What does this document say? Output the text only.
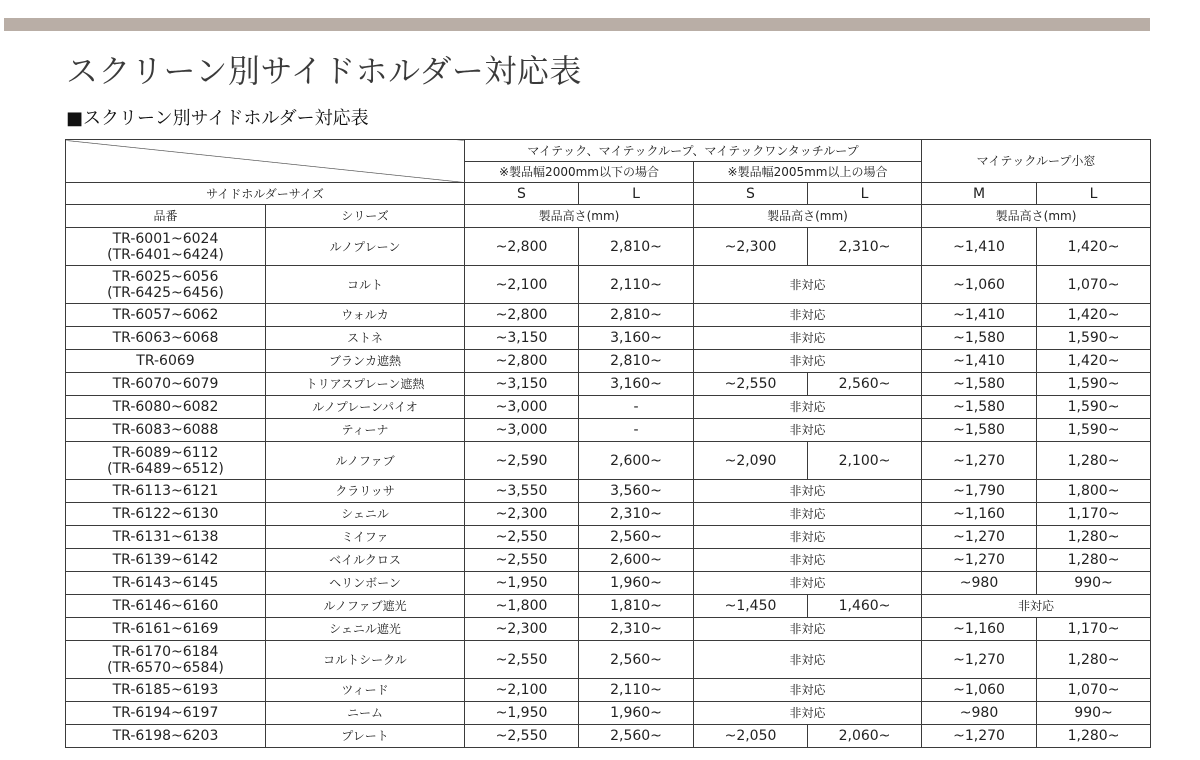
スクリーン別サイドホルダー対応表
■スクリーン別サイドホルダー対応表
		マイテック、マイテックループ、マイテックワンタッチループ				マイテックループ小窓	
		※製品幅2000mm以下の場合		※製品幅2005mm以上の場合			
サイドホルダーサイズ		S	L	S	L	M	L
品番	シリーズ	製品高さ(mm)		製品高さ(mm)		製品高さ(mm)	
TR-6001~6024
(TR-6401~6424)	ルノプレーン	~2,800	2,810~	~2,300	2,310~	~1,410	1,420~
TR-6025~6056
(TR-6425~6456)	コルト	~2,100	2,110~	非対応		~1,060	1,070~
TR-6057~6062	ウォルカ	~2,800	2,810~	非対応		~1,410	1,420~
TR-6063~6068	ストネ	~3,150	3,160~	非対応		~1,580	1,590~
TR-6069	ブランカ遮熱	~2,800	2,810~	非対応		~1,410	1,420~
TR-6070~6079	トリアスプレーン遮熱	~3,150	3,160~	~2,550	2,560~	~1,580	1,590~
TR-6080~6082	ルノプレーンパイオ	~3,000	-	非対応		~1,580	1,590~
TR-6083~6088	ティーナ	~3,000	-	非対応		~1,580	1,590~
TR-6089~6112
(TR-6489~6512)	ルノファブ	~2,590	2,600~	~2,090	2,100~	~1,270	1,280~
TR-6113~6121	クラリッサ	~3,550	3,560~	非対応		~1,790	1,800~
TR-6122~6130	シェニル	~2,300	2,310~	非対応		~1,160	1,170~
TR-6131~6138	ミイファ	~2,550	2,560~	非対応		~1,270	1,280~
TR-6139~6142	ベイルクロス	~2,550	2,600~	非対応		~1,270	1,280~
TR-6143~6145	ヘリンボーン	~1,950	1,960~	非対応		~980	990~
TR-6146~6160	ルノファブ遮光	~1,800	1,810~	~1,450	1,460~	非対応	
TR-6161~6169	シェニル遮光	~2,300	2,310~	非対応		~1,160	1,170~
TR-6170~6184
(TR-6570~6584)	コルトシークル	~2,550	2,560~	非対応		~1,270	1,280~
TR-6185~6193	ツィード	~2,100	2,110~	非対応		~1,060	1,070~
TR-6194~6197	ニーム	~1,950	1,960~	非対応		~980	990~
TR-6198~6203	プレート	~2,550	2,560~	~2,050	2,060~	~1,270	1,280~
